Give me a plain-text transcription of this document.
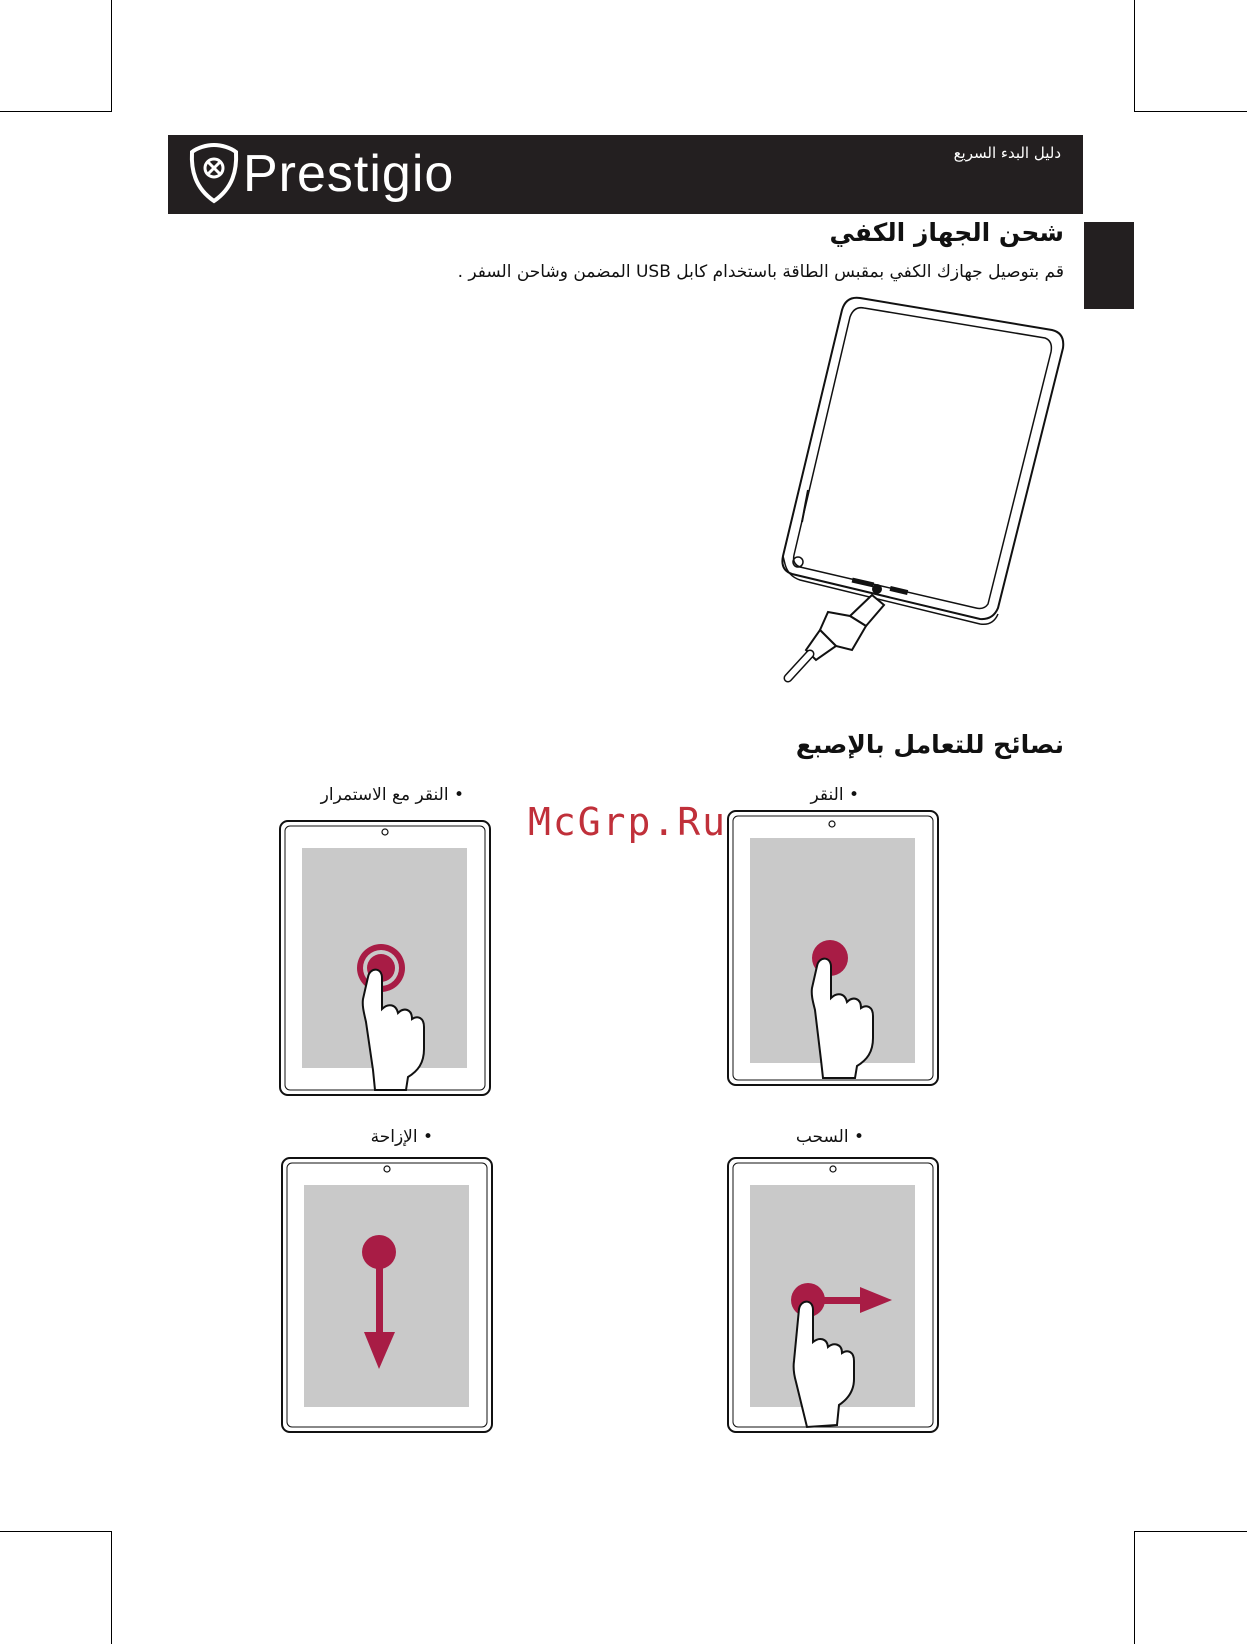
Prestigio	دليل البدء السريع
شحن الجهاز الكفي
قم بتوصيل جهازك الكفي بمقبس الطاقة باستخدام كابل USB المضمن وشاحن السفر .
نصائح للتعامل بالإصبع
• النقر
• النقر مع الاستمرار
• السحب
• الإزاحة
McGrp.Ru
